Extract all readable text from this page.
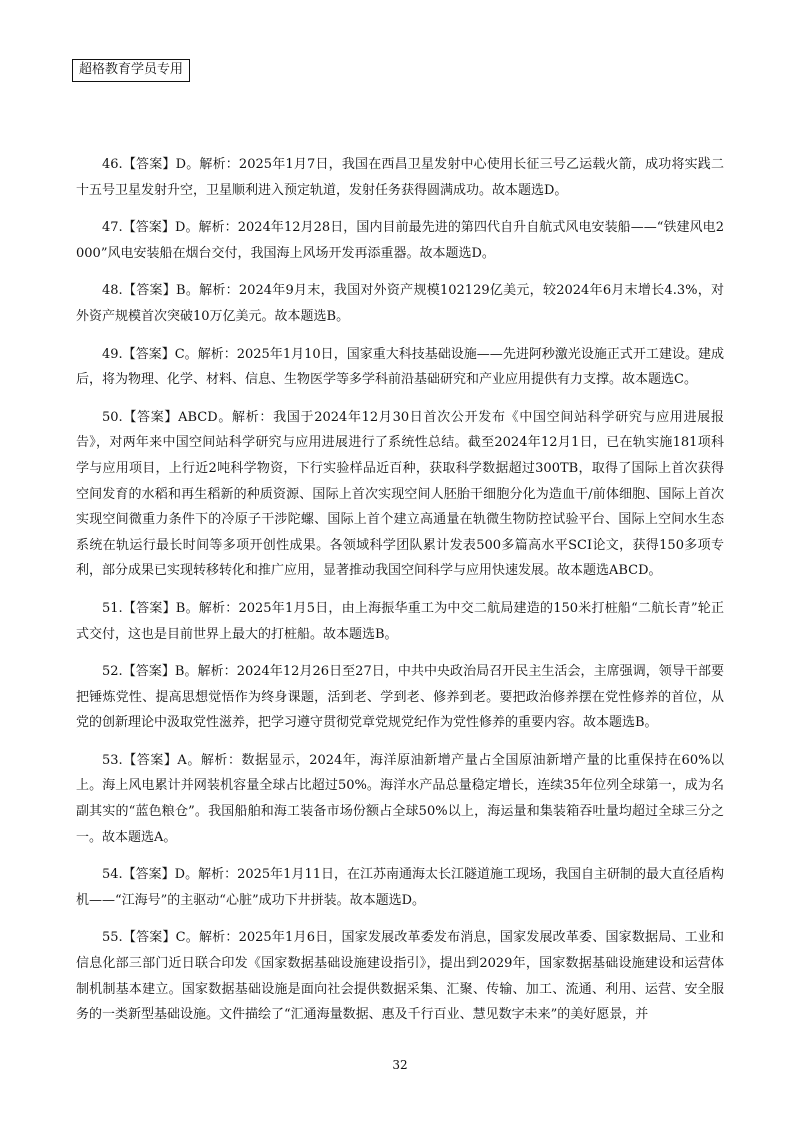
超格教育学员专用

46.【答案】D。解析：2025年1月7日，我国在西昌卫星发射中心使用长征三号乙运载火箭，成功将实践二十五号卫星发射升空，卫星顺利进入预定轨道，发射任务获得圆满成功。故本题选D。

47.【答案】D。解析：2024年12月28日，国内目前最先进的第四代自升自航式风电安装船——“铁建风电2000”风电安装船在烟台交付，我国海上风场开发再添重器。故本题选D。

48.【答案】B。解析：2024年9月末，我国对外资产规模102129亿美元，较2024年6月末增长4.3%，对外资产规模首次突破10万亿美元。故本题选B。

49.【答案】C。解析：2025年1月10日，国家重大科技基础设施——先进阿秒激光设施正式开工建设。建成后，将为物理、化学、材料、信息、生物医学等多学科前沿基础研究和产业应用提供有力支撑。故本题选C。

50.【答案】ABCD。解析：我国于2024年12月30日首次公开发布《中国空间站科学研究与应用进展报告》，对两年来中国空间站科学研究与应用进展进行了系统性总结。截至2024年12月1日，已在轨实施181项科学与应用项目，上行近2吨科学物资，下行实验样品近百种，获取科学数据超过300TB，取得了国际上首次获得空间发育的水稻和再生稻新的种质资源、国际上首次实现空间人胚胎干细胞分化为造血干/前体细胞、国际上首次实现空间微重力条件下的冷原子干涉陀螺、国际上首个建立高通量在轨微生物防控试验平台、国际上空间水生态系统在轨运行最长时间等多项开创性成果。各领域科学团队累计发表500多篇高水平SCI论文，获得150多项专利，部分成果已实现转移转化和推广应用，显著推动我国空间科学与应用快速发展。故本题选ABCD。

51.【答案】B。解析：2025年1月5日，由上海振华重工为中交二航局建造的150米打桩船“二航长青”轮正式交付，这也是目前世界上最大的打桩船。故本题选B。

52.【答案】B。解析：2024年12月26日至27日，中共中央政治局召开民主生活会，主席强调，领导干部要把锤炼党性、提高思想觉悟作为终身课题，活到老、学到老、修养到老。要把政治修养摆在党性修养的首位，从党的创新理论中汲取党性滋养，把学习遵守贯彻党章党规党纪作为党性修养的重要内容。故本题选B。

53.【答案】A。解析：数据显示，2024年，海洋原油新增产量占全国原油新增产量的比重保持在60%以上。海上风电累计并网装机容量全球占比超过50%。海洋水产品总量稳定增长，连续35年位列全球第一，成为名副其实的“蓝色粮仓”。我国船舶和海工装备市场份额占全球50%以上，海运量和集装箱吞吐量均超过全球三分之一。故本题选A。

54.【答案】D。解析：2025年1月11日，在江苏南通海太长江隧道施工现场，我国自主研制的最大直径盾构机——“江海号”的主驱动“心脏”成功下井拼装。故本题选D。

55.【答案】C。解析：2025年1月6日，国家发展改革委发布消息，国家发展改革委、国家数据局、工业和信息化部三部门近日联合印发《国家数据基础设施建设指引》，提出到2029年，国家数据基础设施建设和运营体制机制基本建立。国家数据基础设施是面向社会提供数据采集、汇聚、传输、加工、流通、利用、运营、安全服务的一类新型基础设施。文件描绘了“汇通海量数据、惠及千行百业、慧见数字未来”的美好愿景，并

32
